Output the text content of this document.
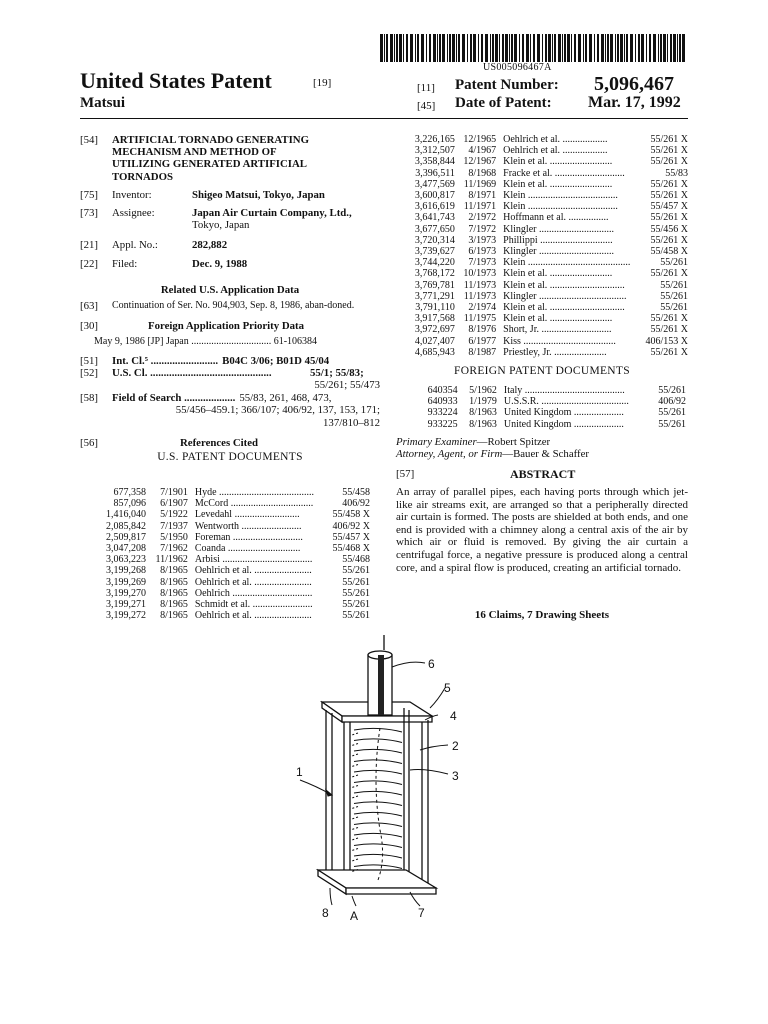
US005096467A
United States Patent	[19]
Matsui
[11] Patent Number: 5,096,467
[45] Date of Patent: Mar. 17, 1992
[54]	ARTIFICIAL TORNADO GENERATING
MECHANISM AND METHOD OF
UTILIZING GENERATED ARTIFICIAL
TORNADOS
[75]	Inventor:	Shigeo Matsui, Tokyo, Japan
[73]	Assignee:	Japan Air Curtain Company, Ltd.,
Tokyo, Japan
[21]	Appl. No.:	282,882
[22]	Filed:	Dec. 9, 1988
Related U.S. Application Data
[63]	Continuation of Ser. No. 904,903, Sep. 8, 1986, aban-doned.
[30]	Foreign Application Priority Data
May 9, 1986 [JP] Japan ................................ 61-106384
[51]	Int. Cl.⁵ ......................... B04C 3/06; B01D 45/04
[52]	U.S. Cl. .............................................	55/1; 55/83;
55/261; 55/473
[58]	Field of Search ................... 55/83, 261, 468, 473,
55/456–459.1; 366/107; 406/92, 137, 153, 171;
137/810–812
[56]	References Cited
U.S. PATENT DOCUMENTS
677,358	7/1901	Hyde ......................................	55/458
857,096	6/1907	McCord .................................	406/92
1,416,040	5/1922	Levedahl ..........................	55/458 X
2,085,842	7/1937	Wentworth ........................	406/92 X
2,509,817	5/1950	Foreman ............................	55/457 X
3,047,208	7/1962	Coanda .............................	55/468 X
3,063,223	11/1962	Arbisi ....................................	55/468
3,199,268	8/1965	Oehlrich et al. .......................	55/261
3,199,269	8/1965	Oehlrich et al. .......................	55/261
3,199,270	8/1965	Oehlrich ................................	55/261
3,199,271	8/1965	Schmidt et al. ........................	55/261
3,199,272	8/1965	Oehlrich et al. .......................	55/261
3,226,165	12/1965	Oehlrich et al. ..................	55/261 X
3,312,507	4/1967	Oehlrich et al. ..................	55/261 X
3,358,844	12/1967	Klein et al. .........................	55/261 X
3,396,511	8/1968	Fracke et al. ............................	55/83
3,477,569	11/1969	Klein et al. .........................	55/261 X
3,600,817	8/1971	Klein ....................................	55/261 X
3,616,619	11/1971	Klein ....................................	55/457 X
3,641,743	2/1972	Hoffmann et al. ................	55/261 X
3,677,650	7/1972	Klingler ..............................	55/456 X
3,720,314	3/1973	Phillippi .............................	55/261 X
3,739,627	6/1973	Klingler ..............................	55/458 X
3,744,220	7/1973	Klein .........................................	55/261
3,768,172	10/1973	Klein et al. .........................	55/261 X
3,769,781	11/1973	Klein et al. ..............................	55/261
3,771,291	11/1973	Klingler ...................................	55/261
3,791,110	2/1974	Klein et al. ..............................	55/261
3,917,568	11/1975	Klein et al. .........................	55/261 X
3,972,697	8/1976	Short, Jr. ............................	55/261 X
4,027,407	6/1977	Kiss .....................................	406/153 X
4,685,943	8/1987	Priestley, Jr. .....................	55/261 X
FOREIGN PATENT DOCUMENTS
640354	5/1962	Italy ........................................	55/261
640933	1/1979	U.S.S.R. ...................................	406/92
933224	8/1963	United Kingdom ....................	55/261
933225	8/1963	United Kingdom ....................	55/261
Primary Examiner—Robert Spitzer
Attorney, Agent, or Firm—Bauer & Schaffer
[57]	ABSTRACT
An array of parallel pipes, each having ports through which jet-like air streams exit, are arranged so that a peripherally directed air curtain is formed. The posts are shielded at both ends, and one end is provided with a chimney along a central axis of the air by which air or fluid is removed. By giving the air curtain a centrifugal force, a negative pressure is produced along a central core, and a spiral flow is produced, creating an artificial tornado.
16 Claims, 7 Drawing Sheets
6
5
4
2
3
1
8 A	7
